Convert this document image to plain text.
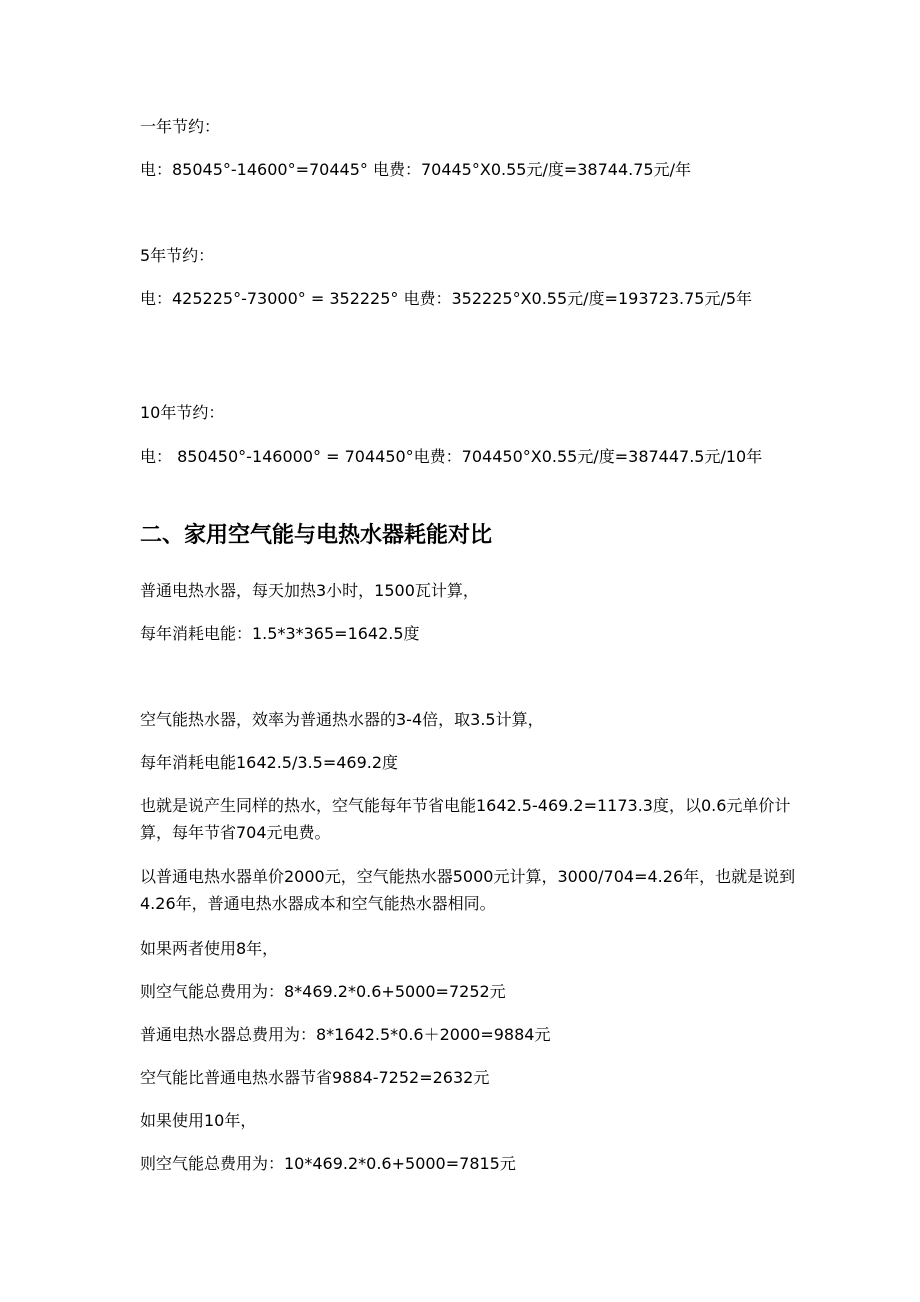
一年节约：
电：85045°-14600°=70445° 电费：70445°X0.55元/度=38744.75元/年
5年节约：
电：425225°-73000° = 352225° 电费：352225°X0.55元/度=193723.75元/5年
10年节约：
电： 850450°-146000° = 704450°电费：704450°X0.55元/度=387447.5元/10年
二、家用空气能与电热水器耗能对比
普通电热水器，每天加热3小时，1500瓦计算，
每年消耗电能：1.5*3*365=1642.5度
空气能热水器，效率为普通热水器的3-4倍，取3.5计算，
每年消耗电能1642.5/3.5=469.2度
也就是说产生同样的热水，空气能每年节省电能1642.5-469.2=1173.3度，以0.6元单价计算，每年节省704元电费。
以普通电热水器单价2000元，空气能热水器5000元计算，3000/704=4.26年，也就是说到4.26年，普通电热水器成本和空气能热水器相同。
如果两者使用8年，
则空气能总费用为：8*469.2*0.6+5000=7252元
普通电热水器总费用为：8*1642.5*0.6＋2000=9884元
空气能比普通电热水器节省9884-7252=2632元
如果使用10年，
则空气能总费用为：10*469.2*0.6+5000=7815元
